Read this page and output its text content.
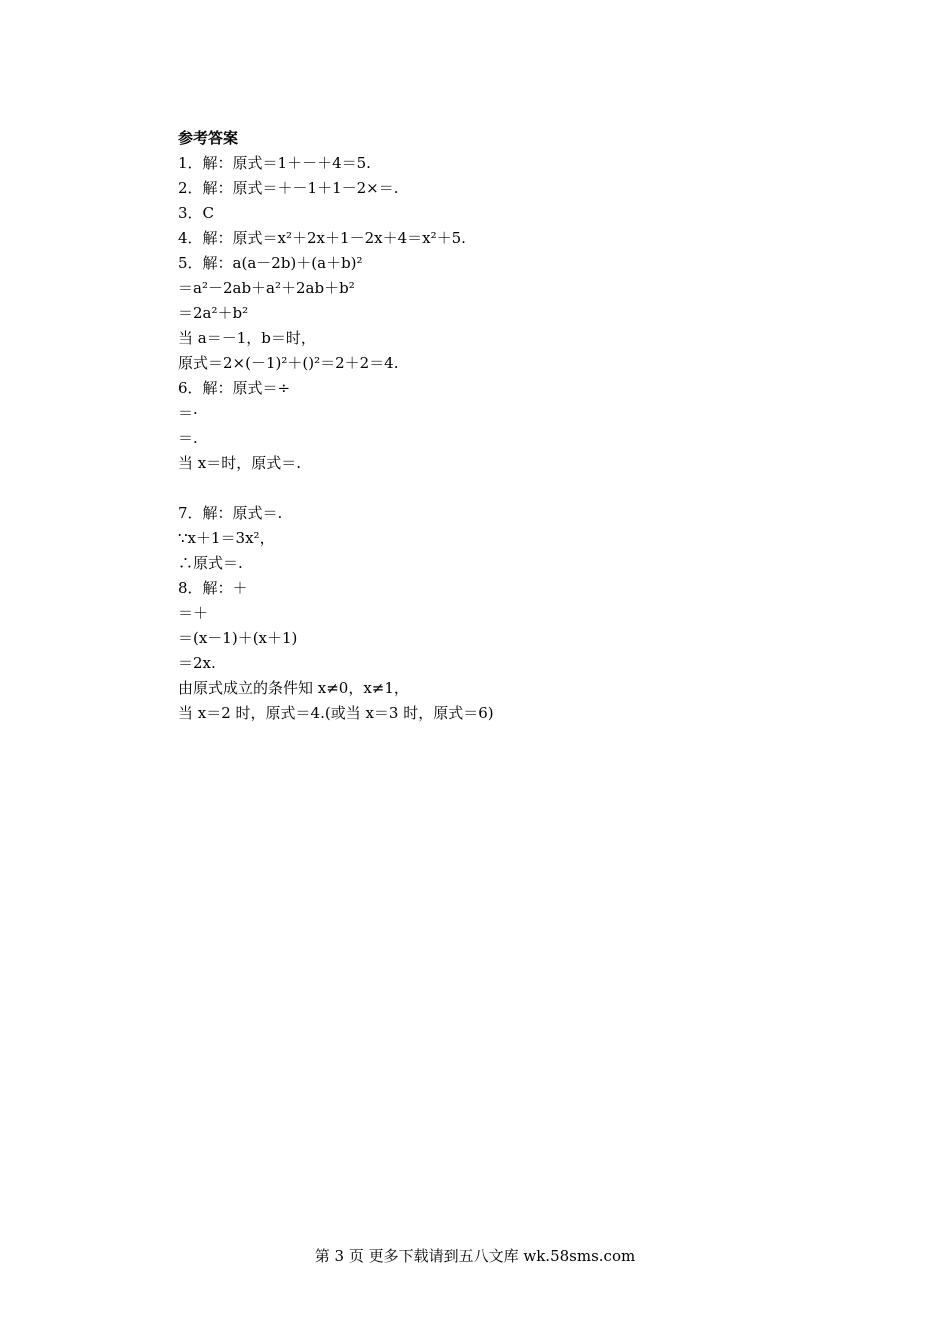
参考答案
1．解：原式＝1＋－＋4＝5.
2．解：原式＝＋－1＋1－2×＝.
3．C
4．解：原式＝x²＋2x＋1－2x＋4＝x²＋5.
5．解：a(a－2b)＋(a＋b)²
＝a²－2ab＋a²＋2ab＋b²
＝2a²＋b²
当 a＝－1，b＝时，
原式＝2×(－1)²＋()²＝2＋2＝4.
6．解：原式＝÷
＝·
＝.
当 x＝时，原式＝.
7．解：原式＝.
∵x＋1＝3x²，
∴原式＝.
8．解：＋
＝＋
＝(x－1)＋(x＋1)
＝2x.
由原式成立的条件知 x≠0，x≠1，
当 x＝2 时，原式＝4.(或当 x＝3 时，原式＝6)
第 3 页 更多下载请到五八文库 wk.58sms.com
